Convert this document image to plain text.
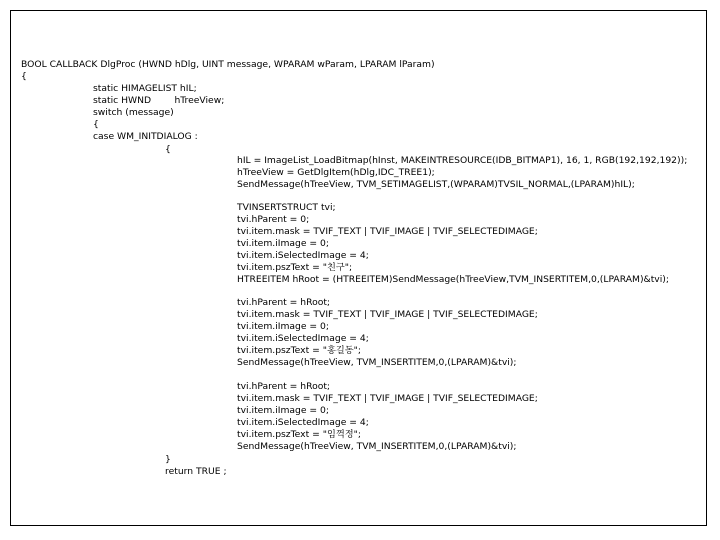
BOOL CALLBACK DlgProc (HWND hDlg, UINT message, WPARAM wParam, LPARAM lParam)
{
static HIMAGELIST hIL;
static HWND        hTreeView;
switch (message)
{
case WM_INITDIALOG :
{
hIL = ImageList_LoadBitmap(hInst, MAKEINTRESOURCE(IDB_BITMAP1), 16, 1, RGB(192,192,192));
hTreeView = GetDlgItem(hDlg,IDC_TREE1);
SendMessage(hTreeView, TVM_SETIMAGELIST,(WPARAM)TVSIL_NORMAL,(LPARAM)hIL);
TVINSERTSTRUCT tvi;
tvi.hParent = 0;
tvi.item.mask = TVIF_TEXT | TVIF_IMAGE | TVIF_SELECTEDIMAGE;
tvi.item.iImage = 0;
tvi.item.iSelectedImage = 4;
tvi.item.pszText = "친구";
HTREEITEM hRoot = (HTREEITEM)SendMessage(hTreeView,TVM_INSERTITEM,0,(LPARAM)&tvi);
tvi.hParent = hRoot;
tvi.item.mask = TVIF_TEXT | TVIF_IMAGE | TVIF_SELECTEDIMAGE;
tvi.item.iImage = 0;
tvi.item.iSelectedImage = 4;
tvi.item.pszText = "홍길동";
SendMessage(hTreeView, TVM_INSERTITEM,0,(LPARAM)&tvi);
tvi.hParent = hRoot;
tvi.item.mask = TVIF_TEXT | TVIF_IMAGE | TVIF_SELECTEDIMAGE;
tvi.item.iImage = 0;
tvi.item.iSelectedImage = 4;
tvi.item.pszText = "임꺽정";
SendMessage(hTreeView, TVM_INSERTITEM,0,(LPARAM)&tvi);
}
return TRUE ;
